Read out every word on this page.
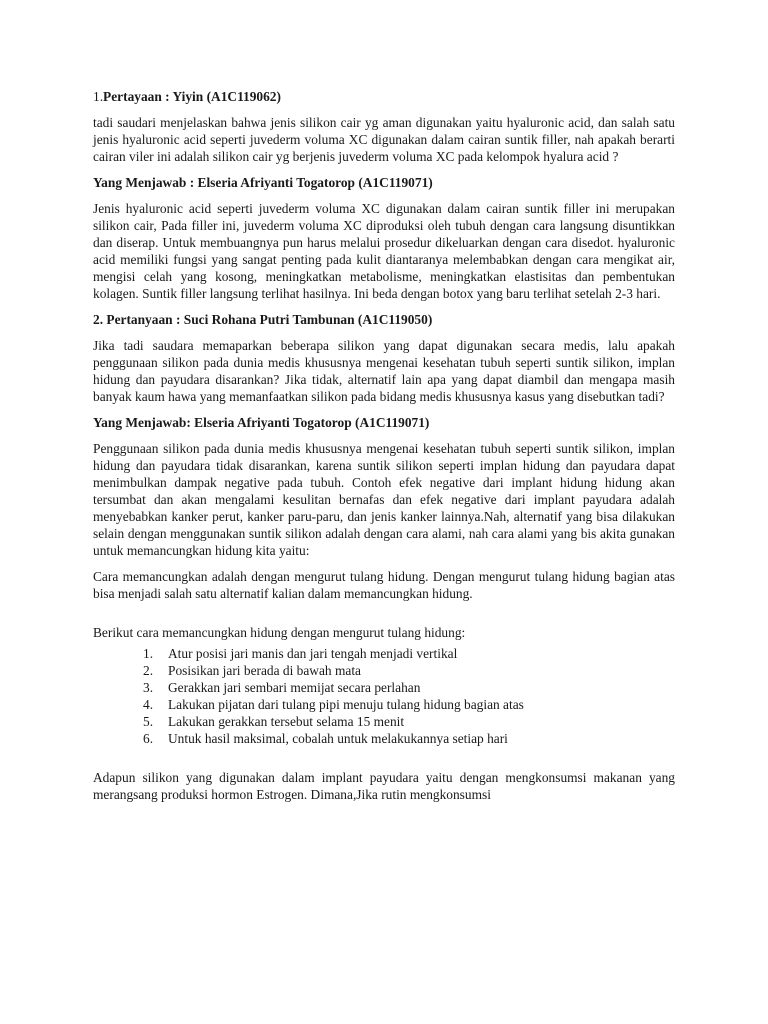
1.Pertayaan : Yiyin (A1C119062)

tadi saudari menjelaskan bahwa jenis silikon cair yg aman digunakan yaitu hyaluronic acid, dan salah satu jenis hyaluronic acid seperti juvederm voluma XC digunakan dalam cairan suntik filler, nah apakah berarti cairan viler ini adalah silikon cair yg berjenis juvederm voluma XC pada kelompok hyalura acid ?

Yang Menjawab : Elseria Afriyanti Togatorop (A1C119071)

Jenis hyaluronic acid seperti juvederm voluma XC digunakan dalam cairan suntik filler ini merupakan silikon cair, Pada filler ini, juvederm voluma XC diproduksi oleh tubuh dengan cara langsung disuntikkan dan diserap. Untuk membuangnya pun harus melalui prosedur dikeluarkan dengan cara disedot. hyaluronic acid memiliki fungsi yang sangat penting pada kulit diantaranya melembabkan dengan cara mengikat air, mengisi celah yang kosong, meningkatkan metabolisme, meningkatkan elastisitas dan pembentukan kolagen. Suntik filler langsung terlihat hasilnya. Ini beda dengan botox yang baru terlihat setelah 2-3 hari.

2. Pertanyaan : Suci Rohana Putri Tambunan (A1C119050)

Jika tadi saudara memaparkan beberapa silikon yang dapat digunakan secara medis, lalu apakah penggunaan silikon pada dunia medis khususnya mengenai kesehatan tubuh seperti suntik silikon, implan hidung dan payudara disarankan? Jika tidak, alternatif lain apa yang dapat diambil dan mengapa masih banyak kaum hawa yang memanfaatkan silikon pada bidang medis khususnya kasus yang disebutkan tadi?

Yang Menjawab: Elseria Afriyanti Togatorop (A1C119071)

Penggunaan silikon pada dunia medis khususnya mengenai kesehatan tubuh seperti suntik silikon, implan hidung dan payudara tidak disarankan, karena suntik silikon seperti implan hidung dan payudara dapat menimbulkan dampak negative pada tubuh. Contoh efek negative dari implant hidung hidung akan tersumbat dan akan mengalami kesulitan bernafas dan efek negative dari implant payudara adalah menyebabkan kanker perut, kanker paru-paru, dan jenis kanker lainnya.Nah, alternatif yang bisa dilakukan selain dengan menggunakan suntik silikon adalah dengan cara alami, nah cara alami yang bis akita gunakan untuk memancungkan hidung kita yaitu:

Cara memancungkan adalah dengan mengurut tulang hidung. Dengan mengurut tulang hidung bagian atas bisa menjadi salah satu alternatif kalian dalam memancungkan hidung.

Berikut cara memancungkan hidung dengan mengurut tulang hidung:

1.	Atur posisi jari manis dan jari tengah menjadi vertikal
2.	Posisikan jari berada di bawah mata
3.	Gerakkan jari sembari memijat secara perlahan
4.	Lakukan pijatan dari tulang pipi menuju tulang hidung bagian atas
5.	Lakukan gerakkan tersebut selama 15 menit
6.	Untuk hasil maksimal, cobalah untuk melakukannya setiap hari

Adapun silikon yang digunakan dalam implant payudara yaitu dengan mengkonsumsi makanan yang merangsang produksi hormon Estrogen. Dimana,Jika rutin mengkonsumsi
